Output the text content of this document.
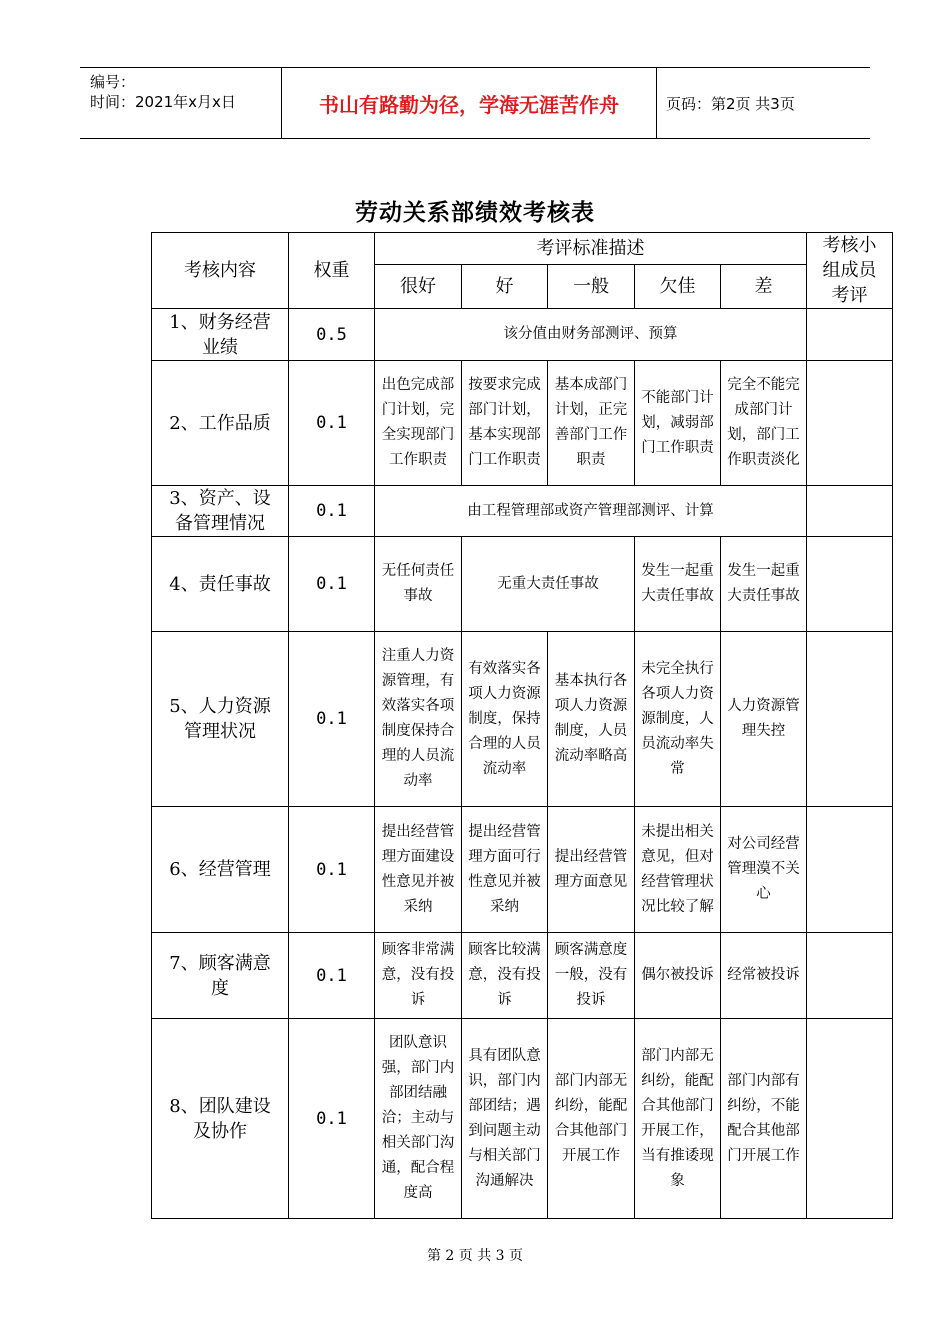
编号：
时间：2021年x月x日	书山有路勤为径，学海无涯苦作舟	页码：第2页 共3页
劳动关系部绩效考核表
考核内容	权重	考评标准描述					考核小组成员考评
		很好	好	一般	欠佳	差	
1、财务经营业绩	0.5	该分值由财务部测评、预算					
2、工作品质	0.1	出色完成部门计划，完全实现部门工作职责	按要求完成部门计划，基本实现部门工作职责	基本成部门计划，正完善部门工作职责	不能部门计划，减弱部门工作职责	完全不能完成部门计划，部门工作职责淡化	
3、资产、设备管理情况	0.1	由工程管理部或资产管理部测评、计算					
4、责任事故	0.1	无任何责任事故	无重大责任事故		发生一起重大责任事故	发生一起重大责任事故	
5、人力资源管理状况	0.1	注重人力资源管理，有效落实各项制度保持合理的人员流动率	有效落实各项人力资源制度，保持合理的人员流动率	基本执行各项人力资源制度，人员流动率略高	未完全执行各项人力资源制度，人员流动率失常	人力资源管理失控	
6、经营管理	0.1	提出经营管理方面建设性意见并被采纳	提出经营管理方面可行性意见并被采纳	提出经营管理方面意见	未提出相关意见，但对经营管理状况比较了解	对公司经营管理漠不关心	
7、顾客满意度	0.1	顾客非常满意，没有投诉	顾客比较满意，没有投诉	顾客满意度一般，没有投诉	偶尔被投诉	经常被投诉	
8、团队建设及协作	0.1	团队意识强，部门内部团结融洽；主动与相关部门沟通，配合程度高	具有团队意识，部门内部团结；遇到问题主动与相关部门沟通解决	部门内部无纠纷，能配合其他部门开展工作	部门内部无纠纷，能配合其他部门开展工作，当有推诿现象	部门内部有纠纷，不能配合其他部门开展工作	
第 2 页 共 3 页
